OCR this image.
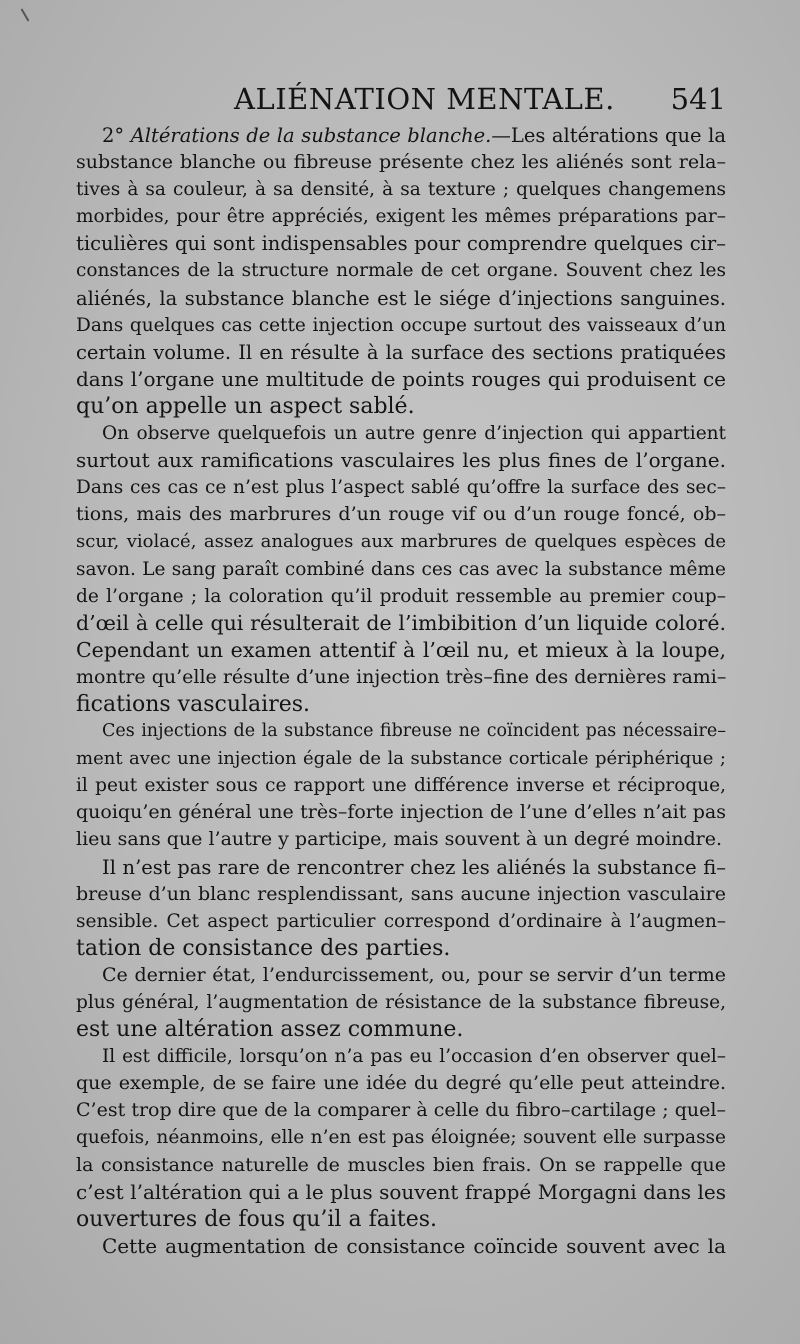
ALIÉNATION MENTALE. 541
2° Altérations de la substance blanche.—Les altérations que la
substance blanche ou fibreuse présente chez les aliénés sont rela–
tives à sa couleur, à sa densité, à sa texture ; quelques changemens
morbides, pour être appréciés, exigent les mêmes préparations par–
ticulières qui sont indispensables pour comprendre quelques cir–
constances de la structure normale de cet organe. Souvent chez les
aliénés, la substance blanche est le siége d’injections sanguines.
Dans quelques cas cette injection occupe surtout des vaisseaux d’un
certain volume. Il en résulte à la surface des sections pratiquées
dans l’organe une multitude de points rouges qui produisent ce
qu’on appelle un aspect sablé.
On observe quelquefois un autre genre d’injection qui appartient
surtout aux ramifications vasculaires les plus fines de l’organe.
Dans ces cas ce n’est plus l’aspect sablé qu’offre la surface des sec–
tions, mais des marbrures d’un rouge vif ou d’un rouge foncé, ob–
scur, violacé, assez analogues aux marbrures de quelques espèces de
savon. Le sang paraît combiné dans ces cas avec la substance même
de l’organe ; la coloration qu’il produit ressemble au premier coup–
d’œil à celle qui résulterait de l’imbibition d’un liquide coloré.
Cependant un examen attentif à l’œil nu, et mieux à la loupe,
montre qu’elle résulte d’une injection très–fine des dernières rami–
fications vasculaires.
Ces injections de la substance fibreuse ne coïncident pas nécessaire–
ment avec une injection égale de la substance corticale périphérique ;
il peut exister sous ce rapport une différence inverse et réciproque,
quoiqu’en général une très–forte injection de l’une d’elles n’ait pas
lieu sans que l’autre y participe, mais souvent à un degré moindre.
Il n’est pas rare de rencontrer chez les aliénés la substance fi–
breuse d’un blanc resplendissant, sans aucune injection vasculaire
sensible. Cet aspect particulier correspond d’ordinaire à l’augmen–
tation de consistance des parties.
Ce dernier état, l’endurcissement, ou, pour se servir d’un terme
plus général, l’augmentation de résistance de la substance fibreuse,
est une altération assez commune.
Il est difficile, lorsqu’on n’a pas eu l’occasion d’en observer quel–
que exemple, de se faire une idée du degré qu’elle peut atteindre.
C’est trop dire que de la comparer à celle du fibro–cartilage ; quel–
quefois, néanmoins, elle n’en est pas éloignée; souvent elle surpasse
la consistance naturelle de muscles bien frais. On se rappelle que
c’est l’altération qui a le plus souvent frappé Morgagni dans les
ouvertures de fous qu’il a faites.
Cette augmentation de consistance coïncide souvent avec la
